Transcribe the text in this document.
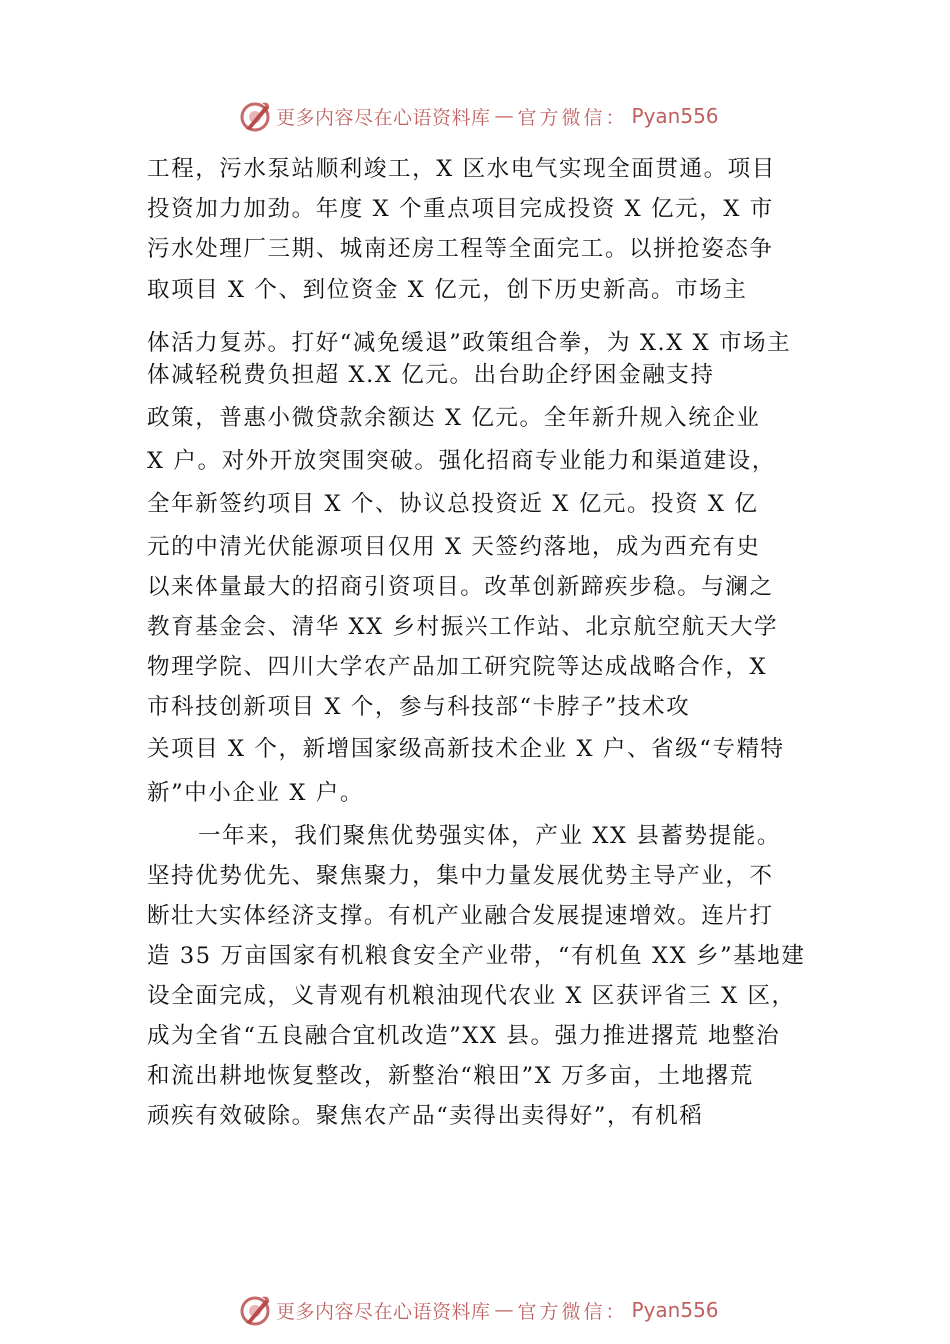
更多内容尽在心语资料库 — 官方微信： Pyan556
工程，污水泵站顺利竣工，X 区水电气实现全面贯通。项目
投资加力加劲。年度 X 个重点项目完成投资 X 亿元，X 市
污水处理厂三期、城南还房工程等全面完工。以拼抢姿态争
取项目 X 个、到位资金 X 亿元，创下历史新高。市场主
体活力复苏。打好“减免缓退”政策组合拳，为 X.X X 市场主
体减轻税费负担超 X.X 亿元。出台助企纾困金融支持
政策，普惠小微贷款余额达 X 亿元。全年新升规入统企业
X 户。对外开放突围突破。强化招商专业能力和渠道建设，
全年新签约项目 X 个、协议总投资近 X 亿元。投资 X 亿
元的中清光伏能源项目仅用 X 天签约落地，成为西充有史
以来体量最大的招商引资项目。改革创新蹄疾步稳。与澜之
教育基金会、清华 XX 乡村振兴工作站、北京航空航天大学
物理学院、四川大学农产品加工研究院等达成战略合作，X
市科技创新项目 X 个，参与科技部“卡脖子”技术攻
关项目 X 个，新增国家级高新技术企业 X 户、省级“专精特
新”中小企业 X 户。
一年来，我们聚焦优势强实体，产业 XX 县蓄势提能。
坚持优势优先、聚焦聚力，集中力量发展优势主导产业，不
断壮大实体经济支撑。有机产业融合发展提速增效。连片打
造 35 万亩国家有机粮食安全产业带，“有机鱼 XX 乡”基地建
设全面完成，义青观有机粮油现代农业 X 区获评省三 X 区，
成为全省“五良融合宜机改造”XX 县。强力推进撂荒 地整治
和流出耕地恢复整改，新整治“粮田”X 万多亩，土地撂荒
顽疾有效破除。聚焦农产品“卖得出卖得好”，有机稻
更多内容尽在心语资料库 — 官方微信： Pyan556
